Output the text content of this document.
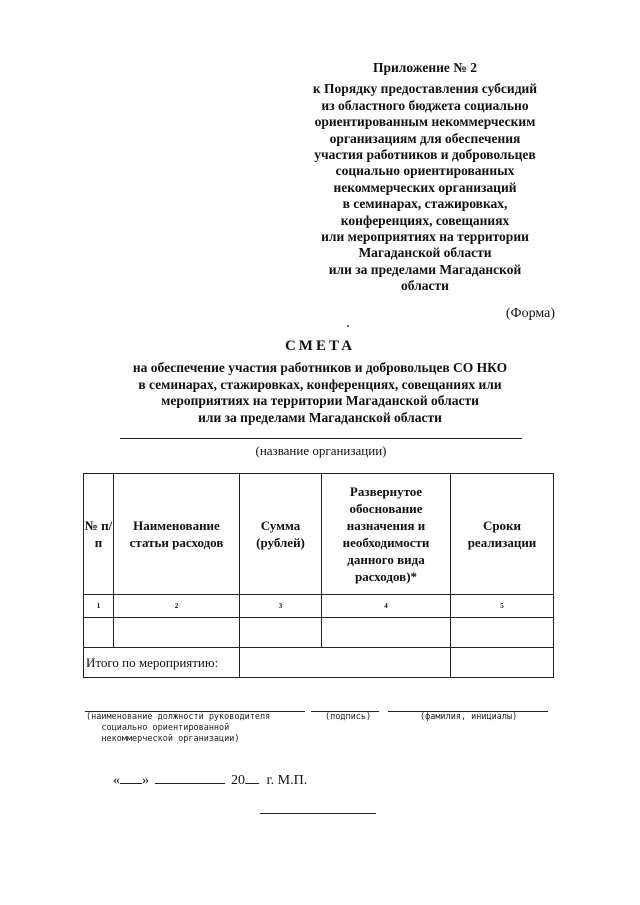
Приложение № 2
к Порядку предоставления субсидий
из областного бюджета социально
ориентированным некоммерческим
организациям для обеспечения
участия работников и добровольцев
социально ориентированных
некоммерческих организаций
в семинарах, стажировках,
конференциях, совещаниях
или мероприятиях на территории
Магаданской области
или за пределами Магаданской
области
(Форма)
СМЕТА
на обеспечение участия работников и добровольцев СО НКО
в семинарах, стажировках, конференциях, совещаниях или
мероприятиях на территории Магаданской области
или за пределами Магаданской области
(название организации)
№ п/п	Наименование статьи расходов	Сумма (рублей)	Развернутое обоснование назначения и необходимости данного вида расходов)*	Сроки реализации
1	2	3	4	5

Итого по мероприятию:				
(наименование должности руководителя
социально ориентированной
некоммерческой организации)
(подпись)	(фамилия, инициалы)
« »	20 г. М.П.
